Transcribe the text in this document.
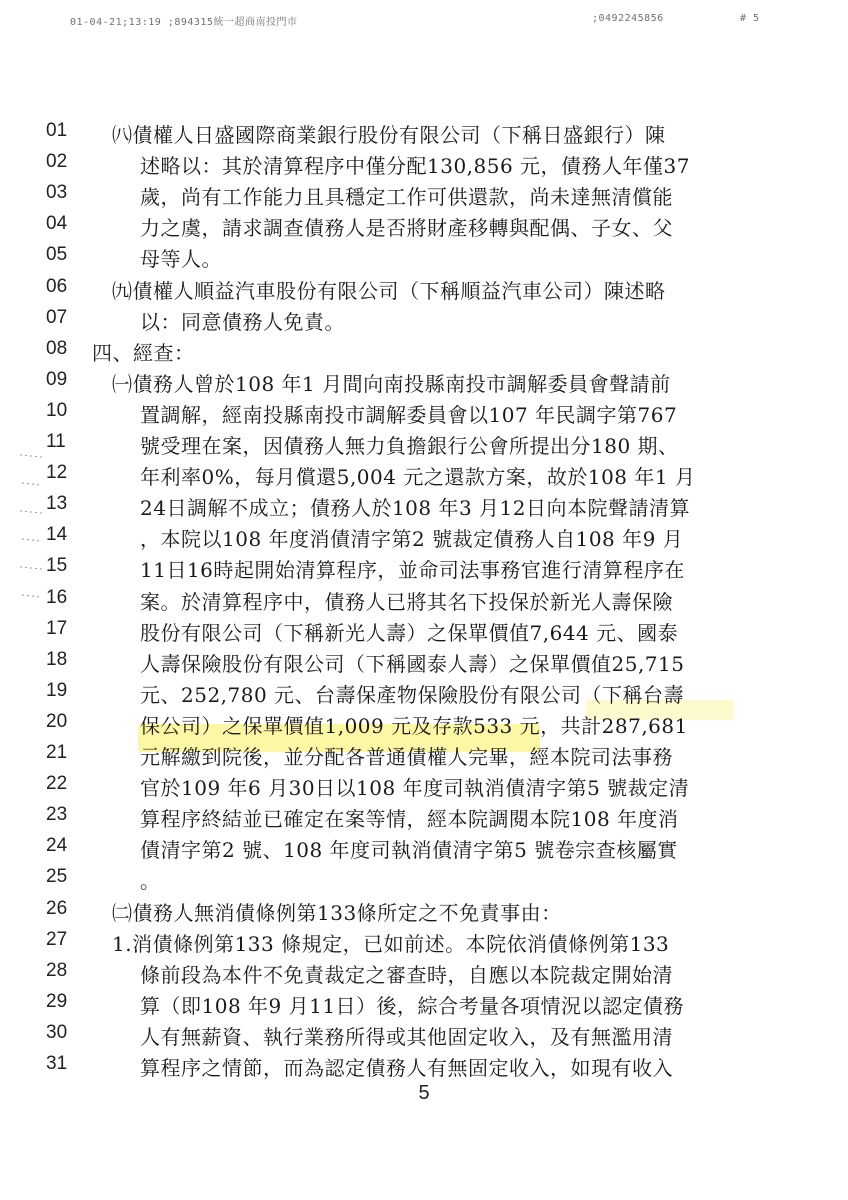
01-04-21;13:19 ;894315統一超商南投門市	;0492245856	# 5
01	㈧債權人日盛國際商業銀行股份有限公司（下稱日盛銀行）陳
02	述略以：其於清算程序中僅分配130,856 元，債務人年僅37
03	歲，尚有工作能力且具穩定工作可供還款，尚未達無清償能
04	力之虞，請求調查債務人是否將財產移轉與配偶、子女、父
05	母等人。
06	㈨債權人順益汽車股份有限公司（下稱順益汽車公司）陳述略
07	以：同意債務人免責。
08	四、經查：
09	㈠債務人曾於108 年1 月間向南投縣南投市調解委員會聲請前
10	置調解，經南投縣南投市調解委員會以107 年民調字第767
11	號受理在案，因債務人無力負擔銀行公會所提出分180 期、
12	年利率0%，每月償還5,004 元之還款方案，故於108 年1 月
13	24日調解不成立；債務人於108 年3 月12日向本院聲請清算
14	，本院以108 年度消債清字第2 號裁定債務人自108 年9 月
15	11日16時起開始清算程序，並命司法事務官進行清算程序在
16	案。於清算程序中，債務人已將其名下投保於新光人壽保險
17	股份有限公司（下稱新光人壽）之保單價值7,644 元、國泰
18	人壽保險股份有限公司（下稱國泰人壽）之保單價值25,715
19	元、252,780 元、台壽保產物保險股份有限公司（下稱台壽
20	保公司）之保單價值1,009 元及存款533 元，共計287,681
21	元解繳到院後，並分配各普通債權人完畢，經本院司法事務
22	官於109 年6 月30日以108 年度司執消債清字第5 號裁定清
23	算程序終結並已確定在案等情，經本院調閱本院108 年度消
24	債清字第2 號、108 年度司執消債清字第5 號卷宗查核屬實
25	。
26	㈡債務人無消債條例第133條所定之不免責事由：
27	1.消債條例第133 條規定，已如前述。本院依消債條例第133
28	條前段為本件不免責裁定之審查時，自應以本院裁定開始清
29	算（即108 年9 月11日）後，綜合考量各項情況以認定債務
30	人有無薪資、執行業務所得或其他固定收入，及有無濫用清
31	算程序之情節，而為認定債務人有無固定收入，如現有收入
5
